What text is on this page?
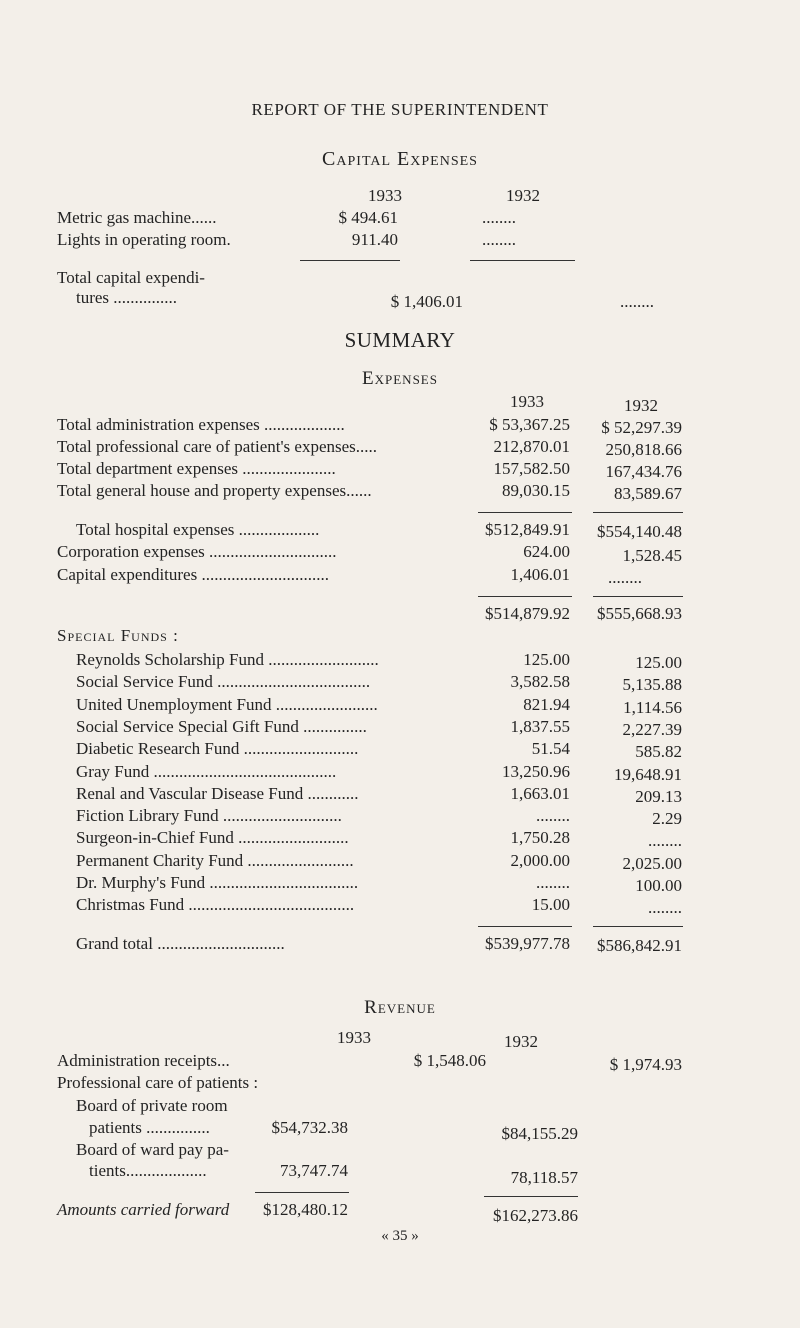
REPORT OF THE SUPERINTENDENT
Capital Expenses
1933	1932
Metric gas machine......	$ 494.61	........
Lights in operating room.	911.40	........
Total capital expendi-
tures ...............	$ 1,406.01	........
SUMMARY
Expenses
1933	1932
Total administration expenses ...................	$ 53,367.25	$ 52,297.39
Total professional care of patient's expenses.....	212,870.01	250,818.66
Total department expenses ......................	157,582.50	167,434.76
Total general house and property expenses......	89,030.15	83,589.67
Total hospital expenses ...................	$512,849.91	$554,140.48
Corporation expenses ..............................	624.00	1,528.45
Capital expenditures ..............................	1,406.01 ........
$514,879.92	$555,668.93
Special Funds :
Reynolds Scholarship Fund ..........................	125.00	125.00
Social Service Fund ....................................	3,582.58	5,135.88
United Unemployment Fund ........................	821.94	1,114.56
Social Service Special Gift Fund ...............	1,837.55	2,227.39
Diabetic Research Fund ...........................	51.54	585.82
Gray Fund ...........................................	13,250.96	19,648.91
Renal and Vascular Disease Fund ............	1,663.01	209.13
Fiction Library Fund ............................	........	2.29
Surgeon-in-Chief Fund ..........................	1,750.28	........
Permanent Charity Fund .........................	2,000.00	2,025.00
Dr. Murphy's Fund ...................................	........	100.00
Christmas Fund .......................................	15.00	........
Grand total ..............................	$539,977.78	$586,842.91
Revenue
1933	1932
Administration receipts...	$ 1,548.06	$ 1,974.93
Professional care of patients :
Board of private room
patients ...............	$54,732.38	$84,155.29
Board of ward pay pa-
tients...................	73,747.74	78,118.57
Amounts carried forward	$128,480.12	$162,273.86
« 35 »
